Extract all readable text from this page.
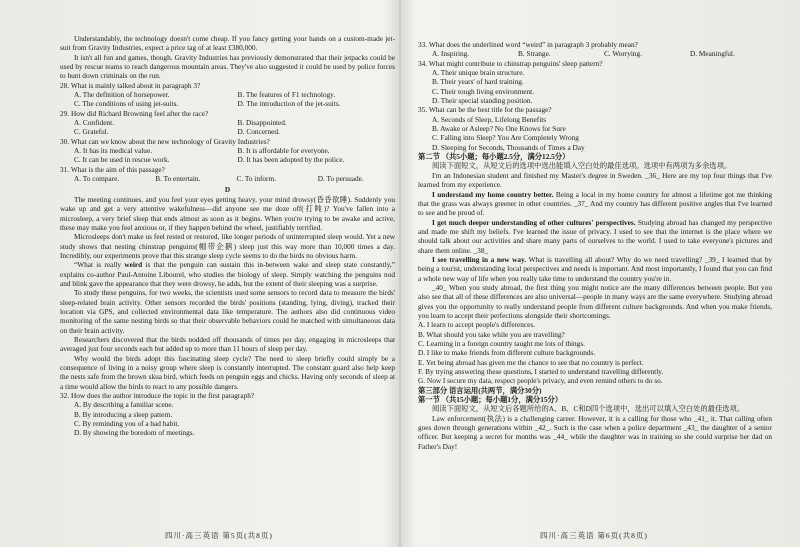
Understandably, the technology doesn't come cheap. If you fancy getting your hands on a custom-made jet-suit from Gravity Industries, expect a price tag of at least £380,000.

It isn't all fun and games, though. Gravity Industries has previously demonstrated that their jetpacks could be used by rescue teams to reach dangerous mountain areas. They've also suggested it could be used by police forces to hunt down criminals on the run.

28. What is mainly talked about in paragraph 3?

A. The definition of horsepower.	B. The features of F1 technology.
C. The conditions of using jet-suits.	D. The introduction of the jet-suits.

29. How did Richard Browning feel after the race?

A. Confident.	B. Disappointed.
C. Grateful.	D. Concerned.

30. What can we know about the new technology of Gravity Industries?

A. It has its medical value.	B. It is affordable for everyone.
C. It can be used in rescue work.	D. It has been adopted by the police.

31. What is the aim of this passage?

A. To compare.	B. To entertain.	C. To inform.	D. To persuade.
D

The meeting continues, and you feel your eyes getting heavy, your mind drowsy(昏昏欲睡). Suddenly you wake up and get a very attentive wakefulness—did anyone see me doze off(打盹)? You've fallen into a microsleep, a very brief sleep that ends almost as soon as it begins. When you're trying to be awake and active, these may make you feel anxious or, if they happen behind the wheel, justifiably terrified.

Microsleeps don't make us feel rested or restored, like longer periods of uninterrupted sleep would. Yet a new study shows that nesting chinstrap penguins(帽带企鹅) sleep just this way more than 10,000 times a day. Incredibly, our experiments prove that this strange sleep cycle seems to do the birds no obvious harm.

“What is really weird is that the penguin can sustain this in-between wake and sleep state constantly,” explains co-author Paul-Antoine Libourel, who studies the biology of sleep. Simply watching the penguins nod and blink gave the appearance that they were drowsy, he adds, but the extent of their sleeping was a surprise.

To study these penguins, for two weeks, the scientists used some sensors to record data to measure the birds' sleep-related brain activity. Other sensors recorded the birds' positions (standing, lying, diving), tracked their location via GPS, and collected environmental data like temperature. The authors also did continuous video monitoring of the same nesting birds so that their observable behaviors could be matched with simultaneous data on their brain activity.

Researchers discovered that the birds nodded off thousands of times per day, engaging in microsleeps that averaged just four seconds each but added up to more than 11 hours of sleep per day.

Why would the birds adopt this fascinating sleep cycle? The need to sleep briefly could simply be a consequence of living in a noisy group where sleep is constantly interrupted. The constant guard also help keep the nests safe from the brown skua bird, which feeds on penguin eggs and chicks. Having only seconds of sleep at a time would allow the birds to react to any possible dangers.

32. How does the author introduce the topic in the first paragraph?

A. By describing a familiar scene.
B. By introducing a sleep pattern.
C. By reminding you of a bad habit.
D. By showing the boredom of meetings.
四川·高三英语 第5页(共8页)

33. What does the underlined word “weird” in paragraph 3 probably mean?

A. Inspiring.	B. Strange.	C. Worrying.	D. Meaningful.

34. What might contribute to chinstrap penguins' sleep pattern?

A. Their unique brain structure.
B. Their years' of hard training.
C. Their tough living environment.
D. Their special standing position.

35. What can be the best title for the passage?

A. Seconds of Sleep, Lifelong Benefits
B. Awake or Asleep? No One Knows for Sure
C. Falling into Sleep? You Are Completely Wrong
D. Sleeping for Seconds, Thousands of Times a Day

第二节 （共5小题；每小题2.5分，满分12.5分）

阅读下面短文，从短文后的选项中选出能填入空白处的最佳选项。选项中有两项为多余选项。

I'm an Indonesian student and finished my Master's degree in Sweden. _36_ Here are my top four things that I've learned from my experience.

I understand my home country better. Being a local in my home country for almost a lifetime got me thinking that the grass was always greener in other countries. _37_ And my country has different positive angles that I've learned to see and be proud of.

I get much deeper understanding of other cultures' perspectives. Studying abroad has changed my perspective and made me shift my beliefs. I've learned the issue of privacy. I used to see that the internet is the place where we should talk about our activities and share many parts of ourselves to the world. I used to take everyone's pictures and share them online. _38_

I see travelling in a new way. What is travelling all about? Why do we need travelling? _39_ I learned that by being a tourist, understanding local perspectives and needs is important. And most importantly, I found that you can find a whole new way of life when you really take time to understand the country you're in.

_40_ When you study abroad, the first thing you might notice are the many differences between people. But you also see that all of these differences are also universal—people in many ways are the same everywhere. Studying abroad gives you the opportunity to really understand people from different culture backgrounds. And when you make friends, you learn to accept their perfections alongside their shortcomings.

A. I learn to accept people's differences.
B. What should you take while you are travelling?
C. Learning in a foreign country taught me lots of things.
D. I like to make friends from different culture backgrounds.
E. Yet being abroad has given me the chance to see that no country is perfect.
F. By trying answering these questions, I started to understand travelling differently.
G. Now I secure my data, respect people's privacy, and even remind others to do so.

第三部分 语言运用(共两节，满分30分)

第一节 （共15小题；每小题1分，满分15分）

阅读下面短文，从短文后各题所给的A、B、C和D四个选项中，选出可以填入空白处的最佳选项。

Law enforcement(执法) is a challenging career. However, it is a calling for those who _41_ it. That calling often goes down through generations within _42_. Such is the case when a police department _43_ the daughter of a senior officer. But keeping a secret for months was _44_ while the daughter was in training so she could surprise her dad on Father's Day!

四川·高三英语 第6页(共8页)
